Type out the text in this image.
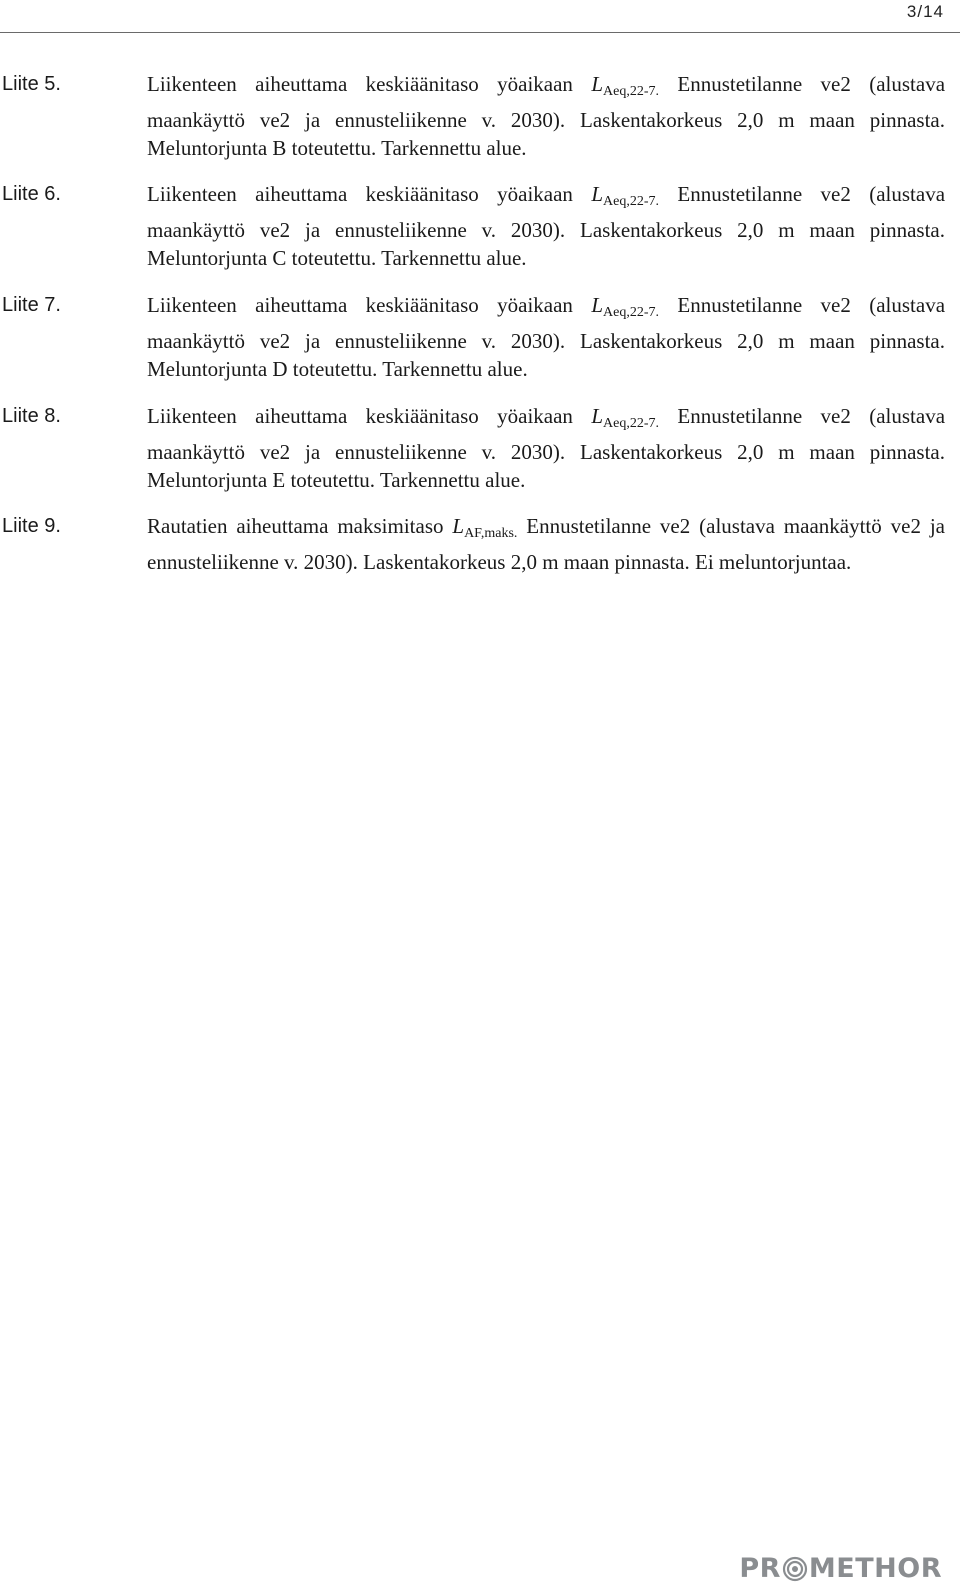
3/14
Liite 5.	Liikenteen aiheuttama keskiäänitaso yöaikaan $L_{Aeq,22-7.}$ Ennustetilanne ve2 (alustava maankäyttö ve2 ja ennusteliikenne v. 2030). Laskentakorkeus 2,0 m maan pinnasta. Meluntorjunta B toteutettu. Tarkennettu alue.
Liite 6.	Liikenteen aiheuttama keskiäänitaso yöaikaan $L_{Aeq,22-7.}$ Ennustetilanne ve2 (alustava maankäyttö ve2 ja ennusteliikenne v. 2030). Laskentakorkeus 2,0 m maan pinnasta. Meluntorjunta C toteutettu. Tarkennettu alue.
Liite 7.	Liikenteen aiheuttama keskiäänitaso yöaikaan $L_{Aeq,22-7.}$ Ennustetilanne ve2 (alustava maankäyttö ve2 ja ennusteliikenne v. 2030). Laskentakorkeus 2,0 m maan pinnasta. Meluntorjunta D toteutettu. Tarkennettu alue.
Liite 8.	Liikenteen aiheuttama keskiäänitaso yöaikaan $L_{Aeq,22-7.}$ Ennustetilanne ve2 (alustava maankäyttö ve2 ja ennusteliikenne v. 2030). Laskentakorkeus 2,0 m maan pinnasta. Meluntorjunta E toteutettu. Tarkennettu alue.
Liite 9.	Rautatien aiheuttama maksimitaso $L_{AF,maks.}$ Ennustetilanne ve2 (alustava maankäyttö ve2 ja ennusteliikenne v. 2030). Laskentakorkeus 2,0 m maan pinnasta. Ei meluntorjuntaa.
PR METHOR
